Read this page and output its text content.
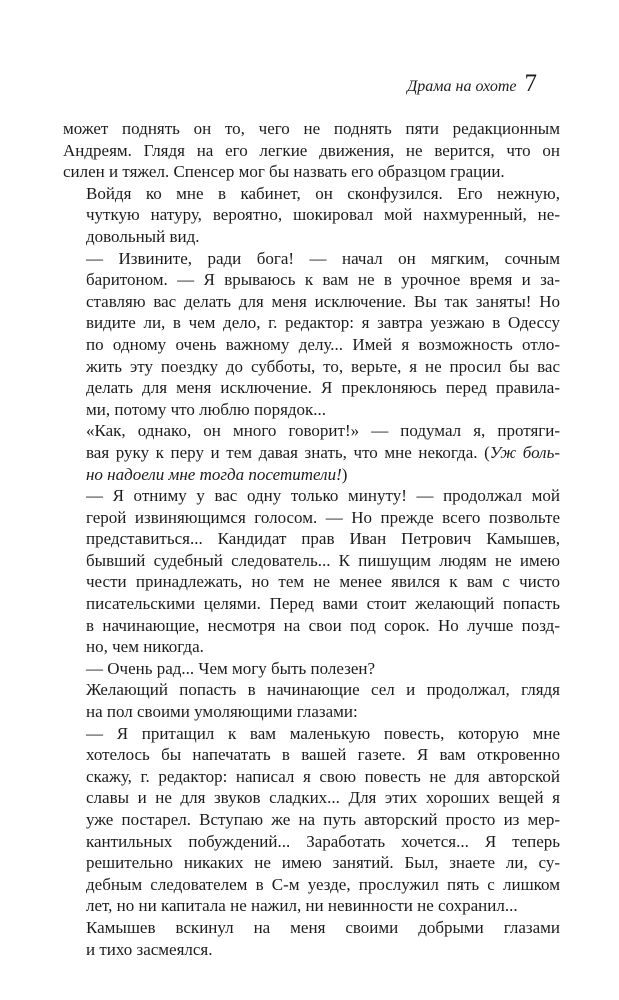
Драма на охоте 7

может поднять он то, чего не поднять пяти редакционным
Андреям. Глядя на его легкие движения, не верится, что он
силен и тяжел. Спенсер мог бы назвать его образцом грации.

Войдя ко мне в кабинет, он сконфузился. Его нежную,
чуткую натуру, вероятно, шокировал мой нахмуренный, не-
довольный вид.

— Извините, ради бога! — начал он мягким, сочным
баритоном. — Я врываюсь к вам не в урочное время и за-
ставляю вас делать для меня исключение. Вы так заняты! Но
видите ли, в чем дело, г. редактор: я завтра уезжаю в Одессу
по одному очень важному делу... Имей я возможность отло-
жить эту поездку до субботы, то, верьте, я не просил бы вас
делать для меня исключение. Я преклоняюсь перед правила-
ми, потому что люблю порядок...

«Как, однако, он много говорит!» — подумал я, протяги-
вая руку к перу и тем давая знать, что мне некогда. (Уж боль-
но надоели мне тогда посетители!)

— Я отниму у вас одну только минуту! — продолжал мой
герой извиняющимся голосом. — Но прежде всего позвольте
представиться... Кандидат прав Иван Петрович Камышев,
бывший судебный следователь... К пишущим людям не имею
чести принадлежать, но тем не менее явился к вам с чисто
писательскими целями. Перед вами стоит желающий попасть
в начинающие, несмотря на свои под сорок. Но лучше позд-
но, чем никогда.

— Очень рад... Чем могу быть полезен?

Желающий попасть в начинающие сел и продолжал, глядя
на пол своими умоляющими глазами:

— Я притащил к вам маленькую повесть, которую мне
хотелось бы напечатать в вашей газете. Я вам откровенно
скажу, г. редактор: написал я свою повесть не для авторской
славы и не для звуков сладких... Для этих хороших вещей я
уже постарел. Вступаю же на путь авторский просто из мер-
кантильных побуждений... Заработать хочется... Я теперь
решительно никаких не имею занятий. Был, знаете ли, су-
дебным следователем в С-м уезде, прослужил пять с лишком
лет, но ни капитала не нажил, ни невинности не сохранил...

Камышев вскинул на меня своими добрыми глазами
и тихо засмеялся.
